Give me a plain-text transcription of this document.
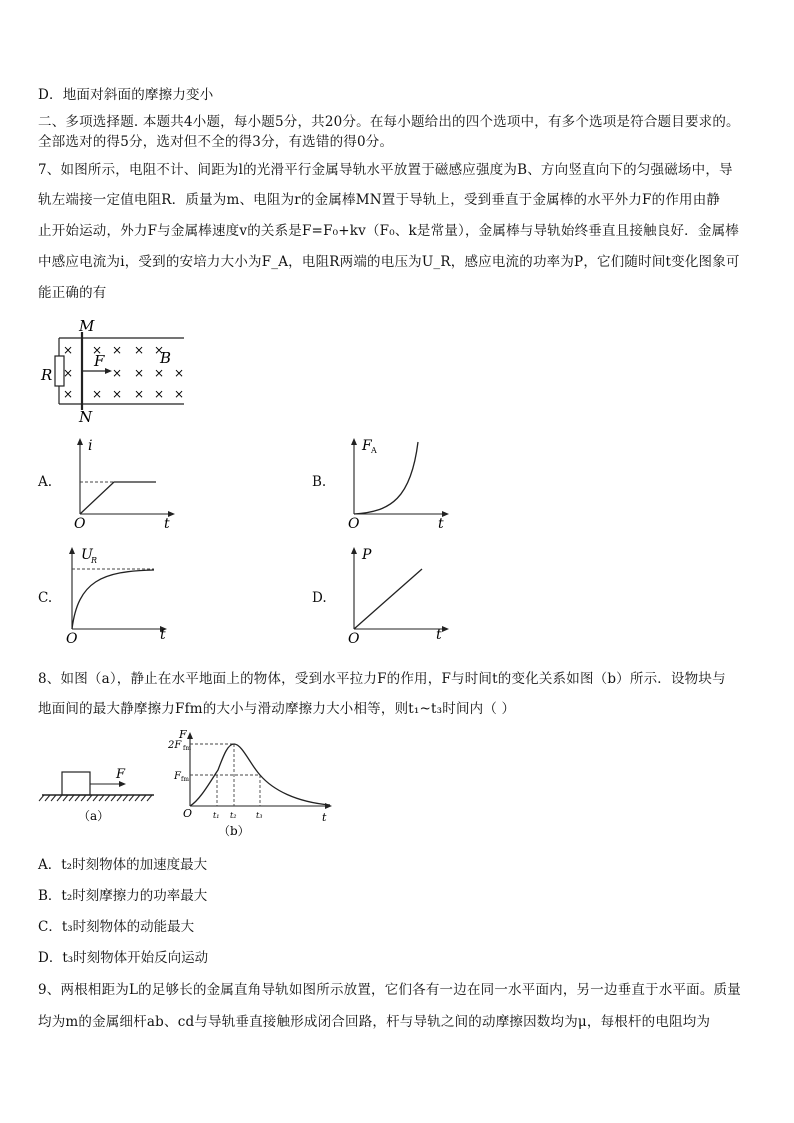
D．地面对斜面的摩擦力变小
二、多项选择题. 本题共4小题，每小题5分，共20分。在每小题给出的四个选项中，有多个选项是符合题目要求的。
全部选对的得5分，选对但不全的得3分，有选错的得0分。
7、如图所示，电阻不计、间距为l的光滑平行金属导轨水平放置于磁感应强度为B、方向竖直向下的匀强磁场中，导
轨左端接一定值电阻R．质量为m、电阻为r的金属棒MN置于导轨上，受到垂直于金属棒的水平外力F的作用由静
止开始运动，外力F与金属棒速度v的关系是F=F₀+kv（F₀、k是常量），金属棒与导轨始终垂直且接触良好．金属棒
中感应电流为i，受到的安培力大小为F_A，电阻R两端的电压为U_R，感应电流的功率为P，它们随时间t变化图象可
能正确的有
M
N
R
F	B
× × × × ×
×	× × × ×
× × × × × ×
A.
i
O	t
B.
F A
O	t
C.
U
R
O	t
D.
P
O	t
8、如图（a），静止在水平地面上的物体，受到水平拉力F的作用，F与时间t的变化关系如图（b）所示．设物块与
地面间的最大静摩擦力Ffm的大小与滑动摩擦力大小相等，则t₁~t₃时间内（ ）
F
（a）
F
2F fm
F fm
O	t₁ t₂ t₃	t
（b）
A．t₂时刻物体的加速度最大
B．t₂时刻摩擦力的功率最大
C．t₃时刻物体的动能最大
D．t₃时刻物体开始反向运动
9、两根相距为L的足够长的金属直角导轨如图所示放置，它们各有一边在同一水平面内，另一边垂直于水平面。质量
均为m的金属细杆ab、cd与导轨垂直接触形成闭合回路，杆与导轨之间的动摩擦因数均为μ，每根杆的电阻均为
